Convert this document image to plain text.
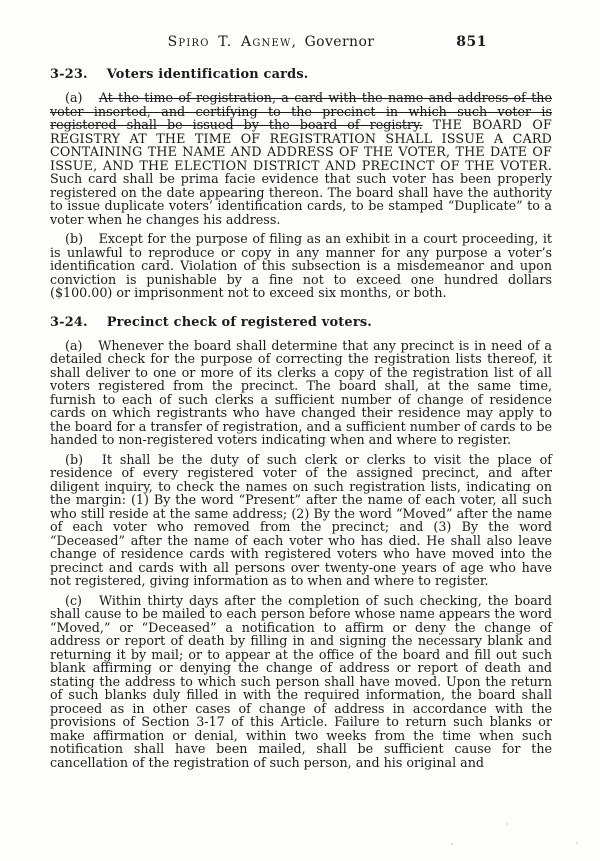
Spiro T. Agnew, Governor	851
3-23. Voters identification cards.

(a) At the time of registration, a card with the name and address of the voter inserted, and certifying to the precinct in which such voter is registered shall be issued by the board of registry. THE BOARD OF REGISTRY AT THE TIME OF REGISTRATION SHALL ISSUE A CARD CONTAINING THE NAME AND ADDRESS OF THE VOTER, THE DATE OF ISSUE, AND THE ELECTION DISTRICT AND PRECINCT OF THE VOTER. Such card shall be prima facie evidence that such voter has been properly registered on the date appearing thereon. The board shall have the authority to issue duplicate voters’ identification cards, to be stamped “Duplicate” to a voter when he changes his address.

(b) Except for the purpose of filing as an exhibit in a court proceeding, it is unlawful to reproduce or copy in any manner for any purpose a voter’s identification card. Violation of this subsection is a misdemeanor and upon conviction is punishable by a fine not to exceed one hundred dollars ($100.00) or imprisonment not to exceed six months, or both.

3-24. Precinct check of registered voters.

(a) Whenever the board shall determine that any precinct is in need of a detailed check for the purpose of correcting the registration lists thereof, it shall deliver to one or more of its clerks a copy of the registration list of all voters registered from the precinct. The board shall, at the same time, furnish to each of such clerks a sufficient number of change of residence cards on which registrants who have changed their residence may apply to the board for a transfer of registration, and a sufficient number of cards to be handed to non-registered voters indicating when and where to register.

(b) It shall be the duty of such clerk or clerks to visit the place of residence of every registered voter of the assigned precinct, and after diligent inquiry, to check the names on such registration lists, indicating on the margin: (1) By the word “Present” after the name of each voter, all such who still reside at the same address; (2) By the word “Moved” after the name of each voter who removed from the precinct; and (3) By the word “Deceased” after the name of each voter who has died. He shall also leave change of residence cards with registered voters who have moved into the precinct and cards with all persons over twenty-one years of age who have not registered, giving information as to when and where to register.

(c) Within thirty days after the completion of such checking, the board shall cause to be mailed to each person before whose name appears the word “Moved,” or “Deceased” a notification to affirm or deny the change of address or report of death by filling in and signing the necessary blank and returning it by mail; or to appear at the office of the board and fill out such blank affirming or denying the change of address or report of death and stating the address to which such person shall have moved. Upon the return of such blanks duly filled in with the required information, the board shall proceed as in other cases of change of address in accordance with the provisions of Section 3-17 of this Article. Failure to return such blanks or make affirmation or denial, within two weeks from the time when such notification shall have been mailed, shall be sufficient cause for the cancellation of the registration of such person, and his original and
